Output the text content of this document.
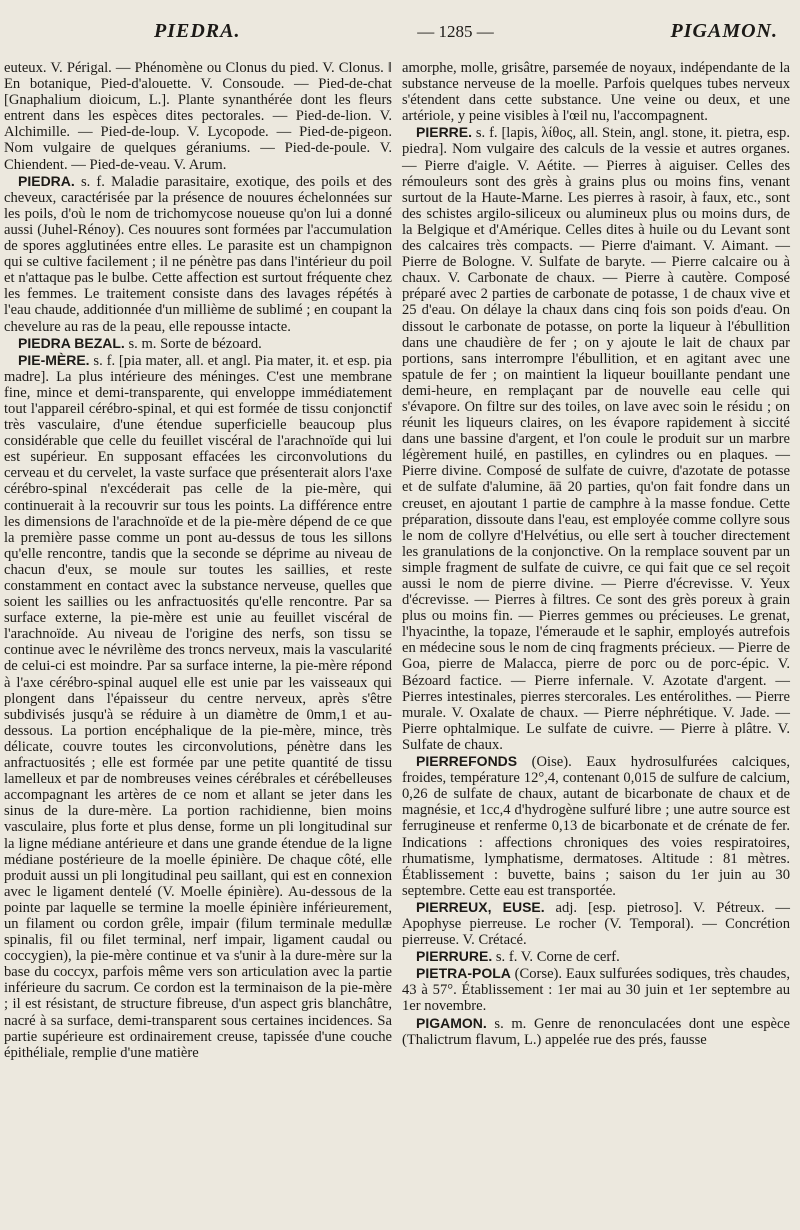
PIEDRA.	— 1285 —	PIGAMON.

euteux. V. Périgal. — Phénomène ou Clonus du pied. V. Clonus. ‖ En botanique, Pied-d'alouette. V. Consoude. — Pied-de-chat [Gnaphalium dioicum, L.]. Plante synanthérée dont les fleurs entrent dans les espèces dites pectorales. — Pied-de-lion. V. Alchimille. — Pied-de-loup. V. Lycopode. — Pied-de-pigeon. Nom vulgaire de quelques géraniums. — Pied-de-poule. V. Chiendent. — Pied-de-veau. V. Arum.

PIEDRA. s. f. Maladie parasitaire, exotique, des poils et des cheveux, caractérisée par la présence de nouures échelonnées sur les poils, d'où le nom de trichomycose noueuse qu'on lui a donné aussi (Juhel-Rénoy). Ces nouures sont formées par l'accumulation de spores agglutinées entre elles. Le parasite est un champignon qui se cultive facilement ; il ne pénètre pas dans l'intérieur du poil et n'attaque pas le bulbe. Cette affection est surtout fréquente chez les femmes. Le traitement consiste dans des lavages répétés à l'eau chaude, additionnée d'un millième de sublimé ; en coupant la chevelure au ras de la peau, elle repousse intacte.

PIEDRA BEZAL. s. m. Sorte de bézoard.

PIE-MÈRE. s. f. [pia mater, all. et angl. Pia mater, it. et esp. pia madre]. La plus intérieure des méninges. C'est une membrane fine, mince et demi-transparente, qui enveloppe immédiatement tout l'appareil cérébro-spinal, et qui est formée de tissu conjonctif très vasculaire, d'une étendue superficielle beaucoup plus considérable que celle du feuillet viscéral de l'arachnoïde qui lui est supérieur. En supposant effacées les circonvolutions du cerveau et du cervelet, la vaste surface que présenterait alors l'axe cérébro-spinal n'excéderait pas celle de la pie-mère, qui continuerait à la recouvrir sur tous les points. La différence entre les dimensions de l'arachnoïde et de la pie-mère dépend de ce que la première passe comme un pont au-dessus de tous les sillons qu'elle rencontre, tandis que la seconde se déprime au niveau de chacun d'eux, se moule sur toutes les saillies, et reste constamment en contact avec la substance nerveuse, quelles que soient les saillies ou les anfractuosités qu'elle rencontre. Par sa surface externe, la pie-mère est unie au feuillet viscéral de l'arachnoïde. Au niveau de l'origine des nerfs, son tissu se continue avec le névrilème des troncs nerveux, mais la vascularité de celui-ci est moindre. Par sa surface interne, la pie-mère répond à l'axe cérébro-spinal auquel elle est unie par les vaisseaux qui plongent dans l'épaisseur du centre nerveux, après s'être subdivisés jusqu'à se réduire à un diamètre de 0mm,1 et au-dessous. La portion encéphalique de la pie-mère, mince, très délicate, couvre toutes les circonvolutions, pénètre dans les anfractuosités ; elle est formée par une petite quantité de tissu lamelleux et par de nombreuses veines cérébrales et cérébelleuses accompagnant les artères de ce nom et allant se jeter dans les sinus de la dure-mère. La portion rachidienne, bien moins vasculaire, plus forte et plus dense, forme un pli longitudinal sur la ligne médiane antérieure et dans une grande étendue de la ligne médiane postérieure de la moelle épinière. De chaque côté, elle produit aussi un pli longitudinal peu saillant, qui est en connexion avec le ligament dentelé (V. Moelle épinière). Au-dessous de la pointe par laquelle se termine la moelle épinière inférieurement, un filament ou cordon grêle, impair (filum terminale medullæ spinalis, fil ou filet terminal, nerf impair, ligament caudal ou coccygien), la pie-mère continue et va s'unir à la dure-mère sur la base du coccyx, parfois même vers son articulation avec la partie inférieure du sacrum. Ce cordon est la terminaison de la pie-mère ; il est résistant, de structure fibreuse, d'un aspect gris blanchâtre, nacré à sa surface, demi-transparent sous certaines incidences. Sa partie supérieure est ordinairement creuse, tapissée d'une couche épithéliale, remplie d'une matière

amorphe, molle, grisâtre, parsemée de noyaux, indépendante de la substance nerveuse de la moelle. Parfois quelques tubes nerveux s'étendent dans cette substance. Une veine ou deux, et une artériole, y peine visibles à l'œil nu, l'accompagnent.

PIERRE. s. f. [lapis, λίθος, all. Stein, angl. stone, it. pietra, esp. piedra]. Nom vulgaire des calculs de la vessie et autres organes. — Pierre d'aigle. V. Aétite. — Pierres à aiguiser. Celles des rémouleurs sont des grès à grains plus ou moins fins, venant surtout de la Haute-Marne. Les pierres à rasoir, à faux, etc., sont des schistes argilo-siliceux ou alumineux plus ou moins durs, de la Belgique et d'Amérique. Celles dites à huile ou du Levant sont des calcaires très compacts. — Pierre d'aimant. V. Aimant. — Pierre de Bologne. V. Sulfate de baryte. — Pierre calcaire ou à chaux. V. Carbonate de chaux. — Pierre à cautère. Composé préparé avec 2 parties de carbonate de potasse, 1 de chaux vive et 25 d'eau. On délaye la chaux dans cinq fois son poids d'eau. On dissout le carbonate de potasse, on porte la liqueur à l'ébullition dans une chaudière de fer ; on y ajoute le lait de chaux par portions, sans interrompre l'ébullition, et en agitant avec une spatule de fer ; on maintient la liqueur bouillante pendant une demi-heure, en remplaçant par de nouvelle eau celle qui s'évapore. On filtre sur des toiles, on lave avec soin le résidu ; on réunit les liqueurs claires, on les évapore rapidement à siccité dans une bassine d'argent, et l'on coule le produit sur un marbre légèrement huilé, en pastilles, en cylindres ou en plaques. — Pierre divine. Composé de sulfate de cuivre, d'azotate de potasse et de sulfate d'alumine, āā 20 parties, qu'on fait fondre dans un creuset, en ajoutant 1 partie de camphre à la masse fondue. Cette préparation, dissoute dans l'eau, est employée comme collyre sous le nom de collyre d'Helvétius, ou elle sert à toucher directement les granulations de la conjonctive. On la remplace souvent par un simple fragment de sulfate de cuivre, ce qui fait que ce sel reçoit aussi le nom de pierre divine. — Pierre d'écrevisse. V. Yeux d'écrevisse. — Pierres à filtres. Ce sont des grès poreux à grain plus ou moins fin. — Pierres gemmes ou précieuses. Le grenat, l'hyacinthe, la topaze, l'émeraude et le saphir, employés autrefois en médecine sous le nom de cinq fragments précieux. — Pierre de Goa, pierre de Malacca, pierre de porc ou de porc-épic. V. Bézoard factice. — Pierre infernale. V. Azotate d'argent. — Pierres intestinales, pierres stercorales. Les entérolithes. — Pierre murale. V. Oxalate de chaux. — Pierre néphrétique. V. Jade. — Pierre ophtalmique. Le sulfate de cuivre. — Pierre à plâtre. V. Sulfate de chaux.

PIERREFONDS (Oise). Eaux hydrosulfurées calciques, froides, température 12°,4, contenant 0,015 de sulfure de calcium, 0,26 de sulfate de chaux, autant de bicarbonate de chaux et de magnésie, et 1cc,4 d'hydrogène sulfuré libre ; une autre source est ferrugineuse et renferme 0,13 de bicarbonate et de crénate de fer. Indications : affections chroniques des voies respiratoires, rhumatisme, lymphatisme, dermatoses. Altitude : 81 mètres. Établissement : buvette, bains ; saison du 1er juin au 30 septembre. Cette eau est transportée.

PIERREUX, EUSE. adj. [esp. pietroso]. V. Pétreux. — Apophyse pierreuse. Le rocher (V. Temporal). — Concrétion pierreuse. V. Crétacé.

PIERRURE. s. f. V. Corne de cerf.

PIETRA-POLA (Corse). Eaux sulfurées sodiques, très chaudes, 43 à 57°. Établissement : 1er mai au 30 juin et 1er septembre au 1er novembre.

PIGAMON. s. m. Genre de renonculacées dont une espèce (Thalictrum flavum, L.) appelée rue des prés, fausse
